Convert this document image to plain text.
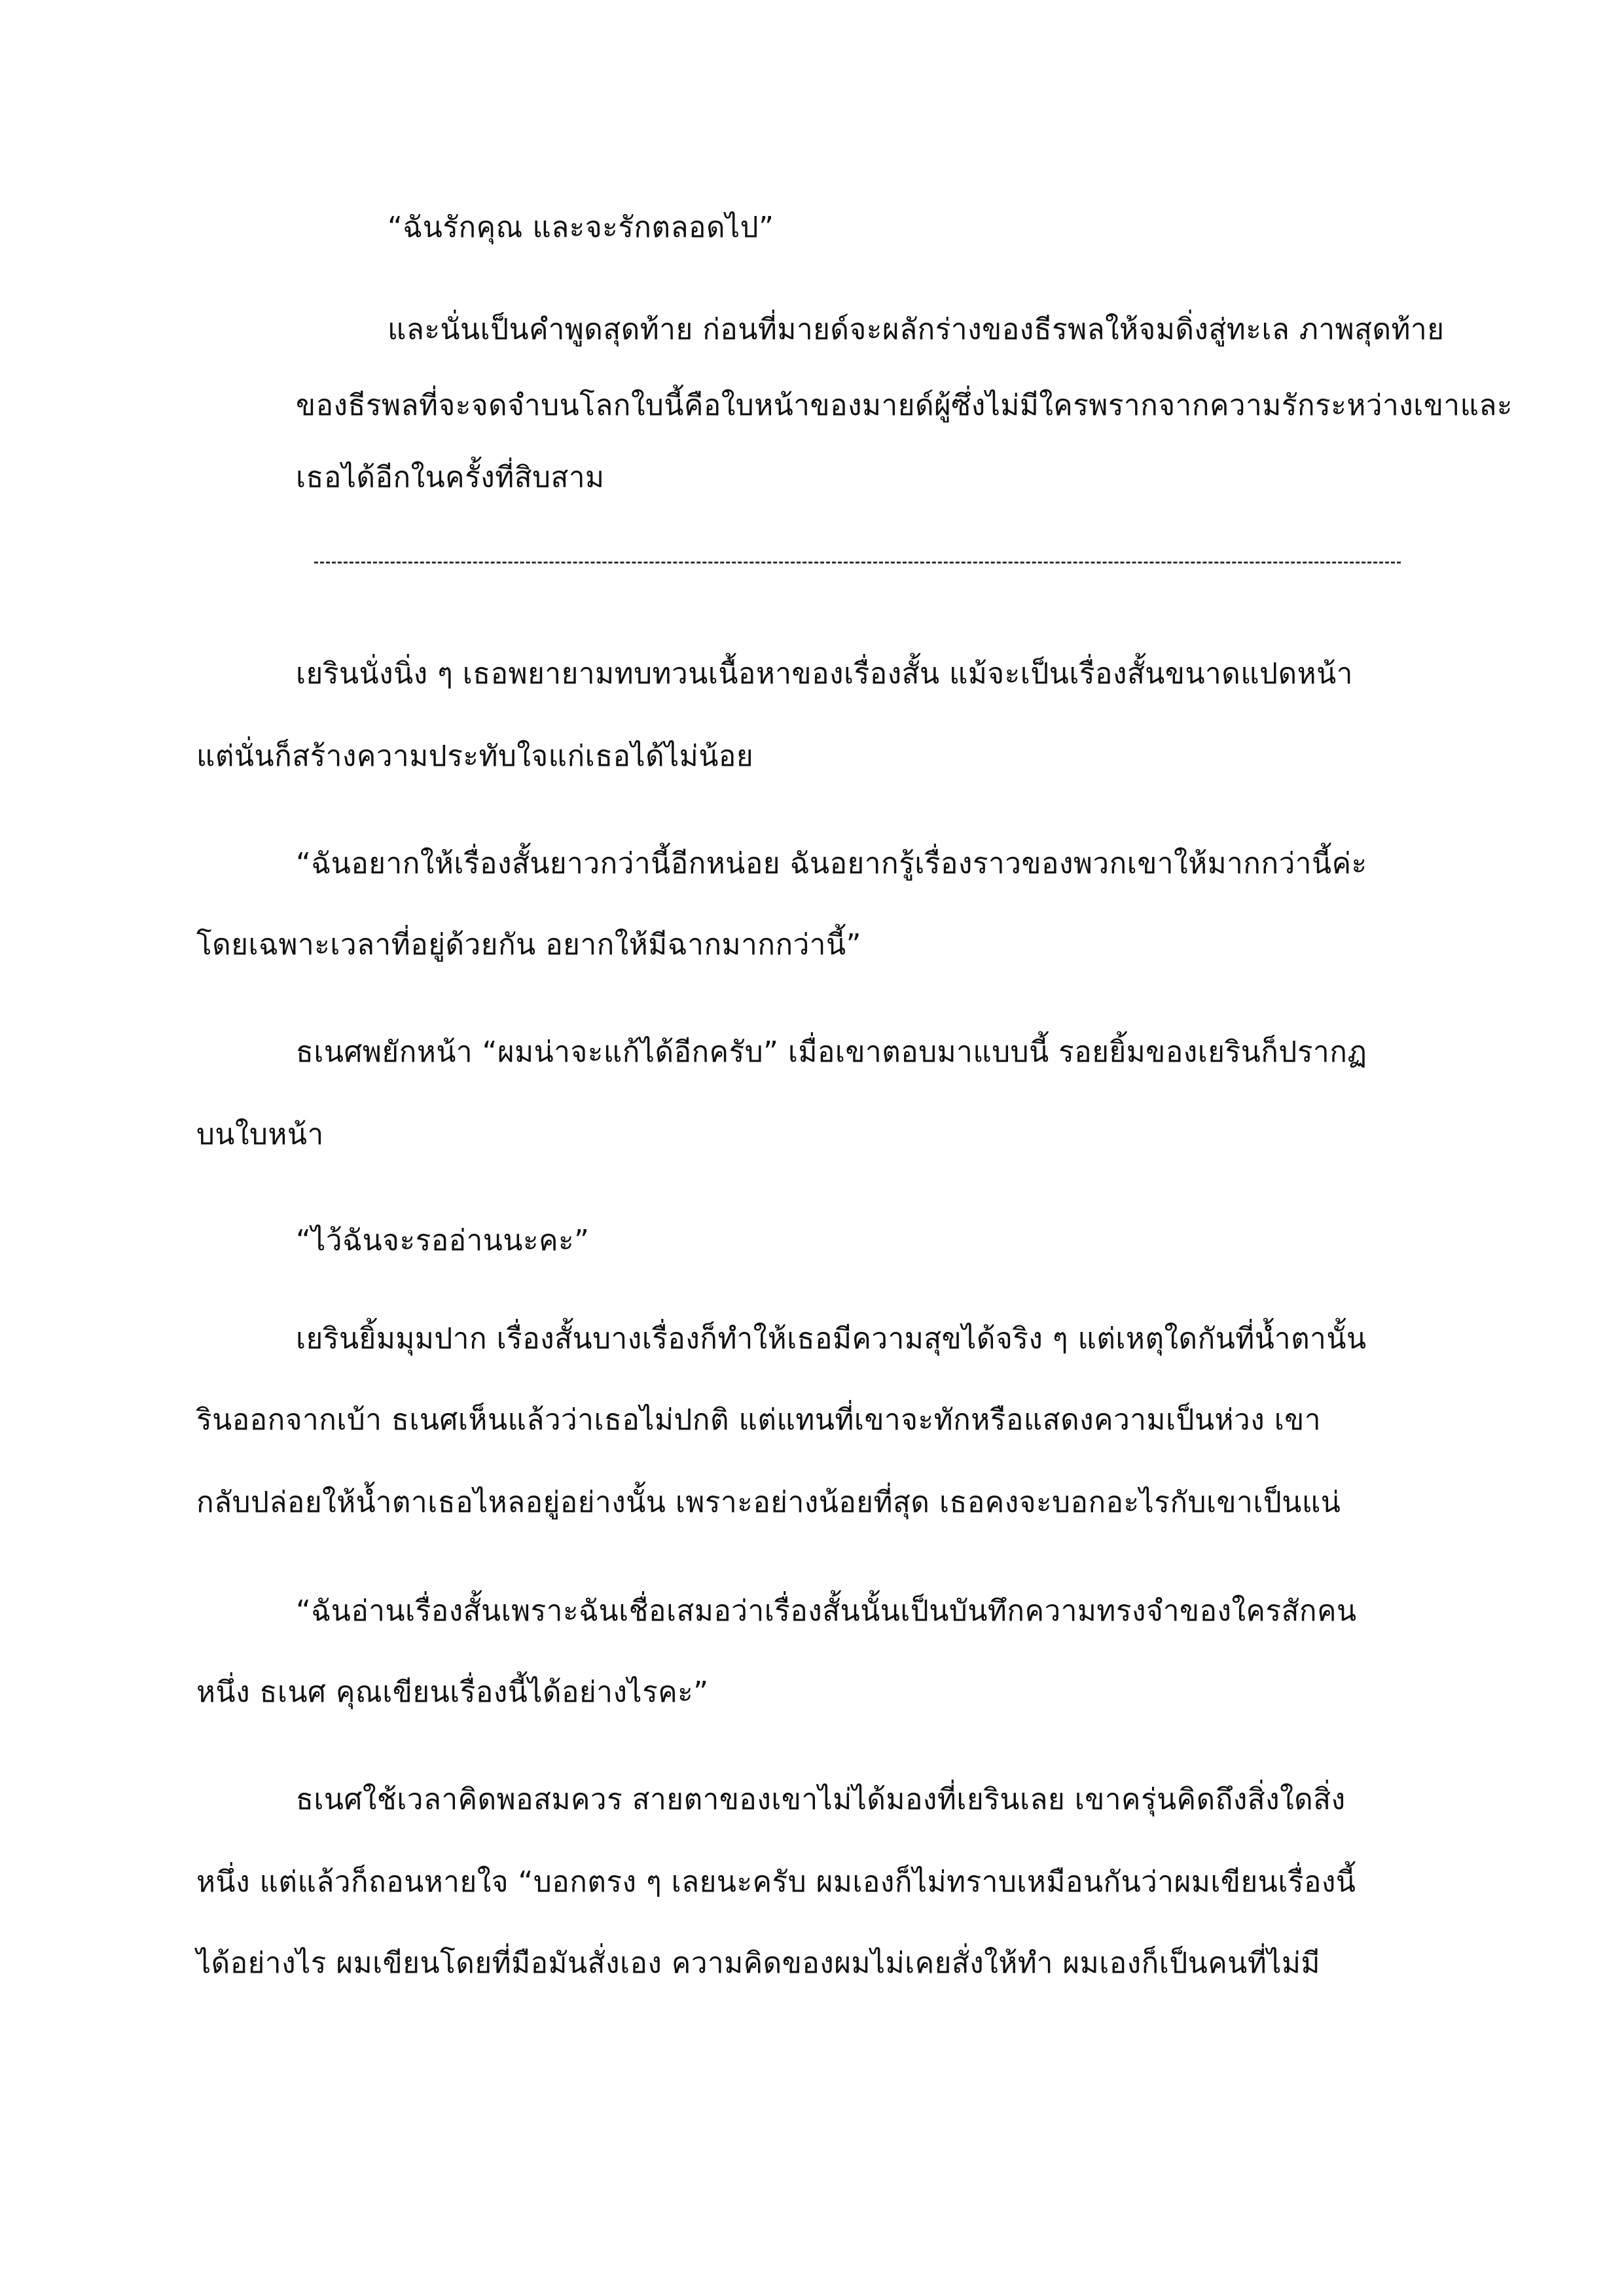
“ฉันรักคุณ และจะรักตลอดไป”
และนั่นเป็นคำพูดสุดท้าย ก่อนที่มายด์จะผลักร่างของธีรพลให้จมดิ่งสู่ทะเล ภาพสุดท้าย
ของธีรพลที่จะจดจำบนโลกใบนี้คือใบหน้าของมายด์ผู้ซึ่งไม่มีใครพรากจากความรักระหว่างเขาและ
เธอได้อีกในครั้งที่สิบสาม
เยรินนั่งนิ่ง ๆ เธอพยายามทบทวนเนื้อหาของเรื่องสั้น แม้จะเป็นเรื่องสั้นขนาดแปดหน้า
แต่นั่นก็สร้างความประทับใจแก่เธอได้ไม่น้อย
“ฉันอยากให้เรื่องสั้นยาวกว่านี้อีกหน่อย ฉันอยากรู้เรื่องราวของพวกเขาให้มากกว่านี้ค่ะ
โดยเฉพาะเวลาที่อยู่ด้วยกัน อยากให้มีฉากมากกว่านี้”
ธเนศพยักหน้า “ผมน่าจะแก้ได้อีกครับ” เมื่อเขาตอบมาแบบนี้ รอยยิ้มของเยรินก็ปรากฏ
บนใบหน้า
“ไว้ฉันจะรออ่านนะคะ”
เยรินยิ้มมุมปาก เรื่องสั้นบางเรื่องก็ทำให้เธอมีความสุขได้จริง ๆ แต่เหตุใดกันที่น้ำตานั้น
รินออกจากเบ้า ธเนศเห็นแล้วว่าเธอไม่ปกติ แต่แทนที่เขาจะทักหรือแสดงความเป็นห่วง เขา
กลับปล่อยให้น้ำตาเธอไหลอยู่อย่างนั้น เพราะอย่างน้อยที่สุด เธอคงจะบอกอะไรกับเขาเป็นแน่
“ฉันอ่านเรื่องสั้นเพราะฉันเชื่อเสมอว่าเรื่องสั้นนั้นเป็นบันทึกความทรงจำของใครสักคน
หนึ่ง ธเนศ คุณเขียนเรื่องนี้ได้อย่างไรคะ”
ธเนศใช้เวลาคิดพอสมควร สายตาของเขาไม่ได้มองที่เยรินเลย เขาครุ่นคิดถึงสิ่งใดสิ่ง
หนึ่ง แต่แล้วก็ถอนหายใจ “บอกตรง ๆ เลยนะครับ ผมเองก็ไม่ทราบเหมือนกันว่าผมเขียนเรื่องนี้
ได้อย่างไร ผมเขียนโดยที่มือมันสั่งเอง ความคิดของผมไม่เคยสั่งให้ทำ ผมเองก็เป็นคนที่ไม่มี
